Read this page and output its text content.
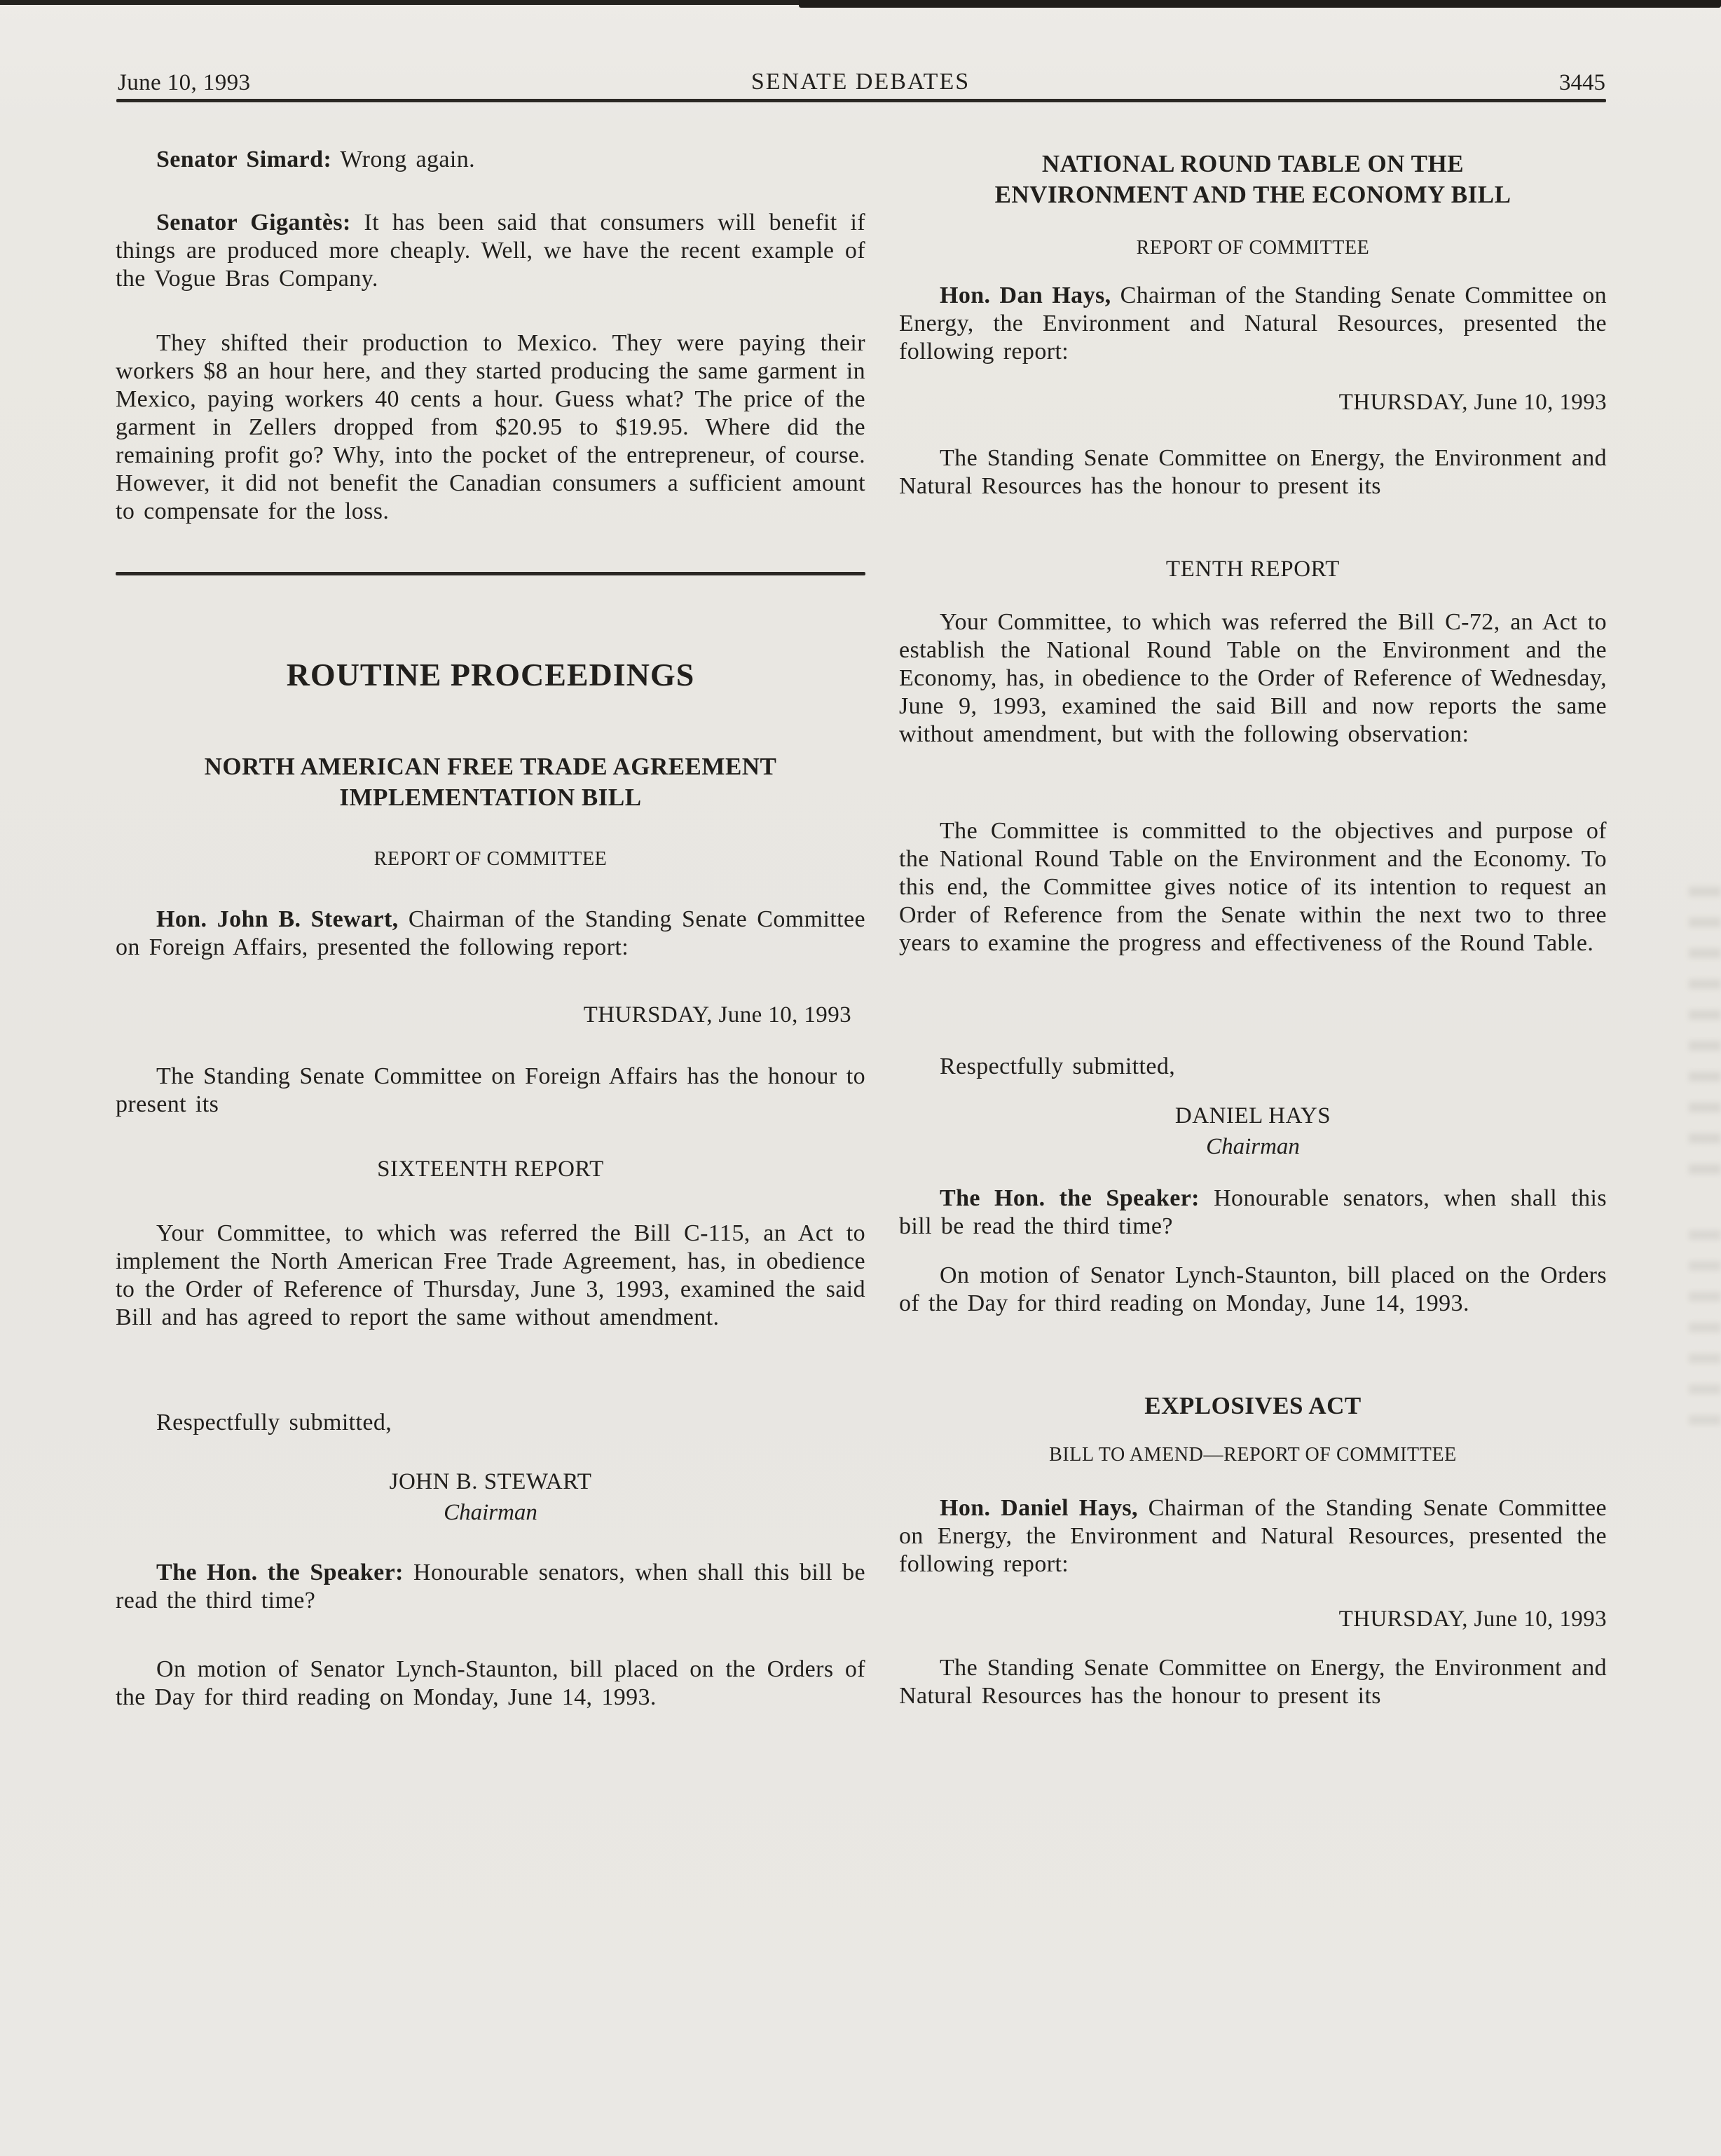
June 10, 1993	SENATE DEBATES	3445

Senator Simard: Wrong again.

Senator Gigantès: It has been said that consumers will benefit if things are produced more cheaply. Well, we have the recent example of the Vogue Bras Company.

They shifted their production to Mexico. They were paying their workers $8 an hour here, and they started producing the same garment in Mexico, paying workers 40 cents a hour. Guess what? The price of the garment in Zellers dropped from $20.95 to $19.95. Where did the remaining profit go? Why, into the pocket of the entrepreneur, of course. However, it did not benefit the Canadian consumers a sufficient amount to compensate for the loss.

ROUTINE PROCEEDINGS
NORTH AMERICAN FREE TRADE AGREEMENT
IMPLEMENTATION BILL
REPORT OF COMMITTEE

Hon. John B. Stewart, Chairman of the Standing Senate Committee on Foreign Affairs, presented the following report:

THURSDAY, June 10, 1993

The Standing Senate Committee on Foreign Affairs has the honour to present its

SIXTEENTH REPORT

Your Committee, to which was referred the Bill C-115, an Act to implement the North American Free Trade Agreement, has, in obedience to the Order of Reference of Thursday, June 3, 1993, examined the said Bill and has agreed to report the same without amendment.

Respectfully submitted,

JOHN B. STEWART
Chairman

The Hon. the Speaker: Honourable senators, when shall this bill be read the third time?

On motion of Senator Lynch-Staunton, bill placed on the Orders of the Day for third reading on Monday, June 14, 1993.

NATIONAL ROUND TABLE ON THE
ENVIRONMENT AND THE ECONOMY BILL
REPORT OF COMMITTEE

Hon. Dan Hays, Chairman of the Standing Senate Committee on Energy, the Environment and Natural Resources, presented the following report:

THURSDAY, June 10, 1993

The Standing Senate Committee on Energy, the Environment and Natural Resources has the honour to present its

TENTH REPORT

Your Committee, to which was referred the Bill C-72, an Act to establish the National Round Table on the Environment and the Economy, has, in obedience to the Order of Reference of Wednesday, June 9, 1993, examined the said Bill and now reports the same without amendment, but with the following observation:

The Committee is committed to the objectives and purpose of the National Round Table on the Environment and the Economy. To this end, the Committee gives notice of its intention to request an Order of Reference from the Senate within the next two to three years to examine the progress and effectiveness of the Round Table.

Respectfully submitted,

DANIEL HAYS
Chairman

The Hon. the Speaker: Honourable senators, when shall this bill be read the third time?

On motion of Senator Lynch-Staunton, bill placed on the Orders of the Day for third reading on Monday, June 14, 1993.

EXPLOSIVES ACT
BILL TO AMEND—REPORT OF COMMITTEE

Hon. Daniel Hays, Chairman of the Standing Senate Committee on Energy, the Environment and Natural Resources, presented the following report:

THURSDAY, June 10, 1993

The Standing Senate Committee on Energy, the Environment and Natural Resources has the honour to present its
